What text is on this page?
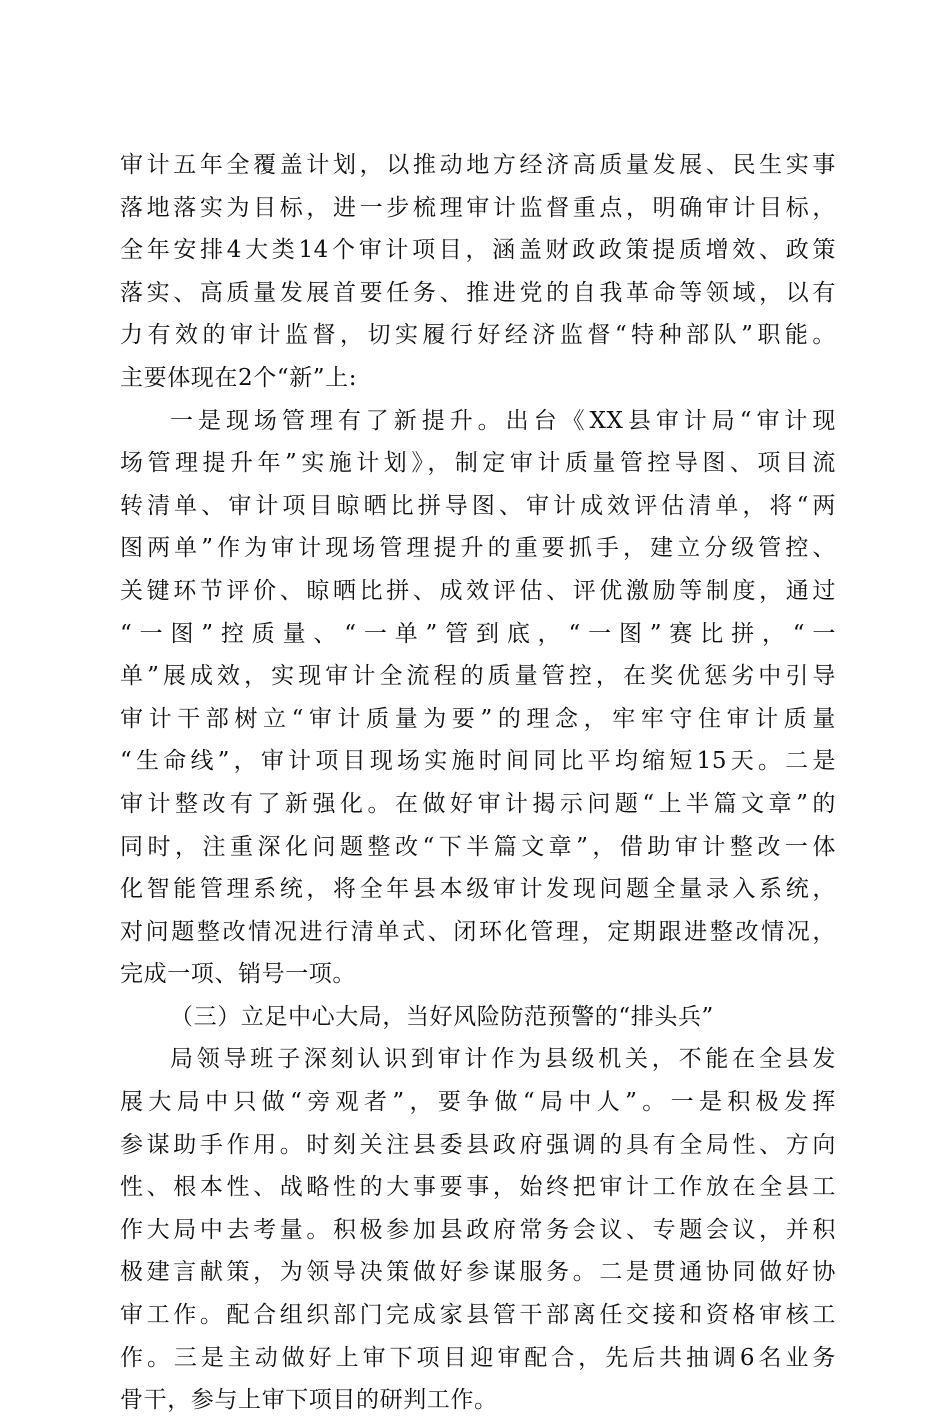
审计五年全覆盖计划，以推动地方经济高质量发展、民生实事
落地落实为目标，进一步梳理审计监督重点，明确审计目标，
全年安排4大类14个审计项目，涵盖财政政策提质增效、政策
落实、高质量发展首要任务、推进党的自我革命等领域，以有
力有效的审计监督，切实履行好经济监督“特种部队”职能。
主要体现在2个“新”上:
一是现场管理有了新提升。出台《XX县审计局“审计现
场管理提升年”实施计划》，制定审计质量管控导图、项目流
转清单、审计项目晾晒比拼导图、审计成效评估清单，将“两
图两单”作为审计现场管理提升的重要抓手，建立分级管控、
关键环节评价、晾晒比拼、成效评估、评优激励等制度，通过
“一图”控质量、“一单”管到底，“一图”赛比拼，“一
单”展成效，实现审计全流程的质量管控，在奖优惩劣中引导
审计干部树立“审计质量为要”的理念，牢牢守住审计质量
“生命线”，审计项目现场实施时间同比平均缩短15天。二是
审计整改有了新强化。在做好审计揭示问题“上半篇文章”的
同时，注重深化问题整改“下半篇文章”，借助审计整改一体
化智能管理系统，将全年县本级审计发现问题全量录入系统，
对问题整改情况进行清单式、闭环化管理，定期跟进整改情况，
完成一项、销号一项。
（三）立足中心大局，当好风险防范预警的“排头兵”
局领导班子深刻认识到审计作为县级机关，不能在全县发
展大局中只做“旁观者”，要争做“局中人”。一是积极发挥
参谋助手作用。时刻关注县委县政府强调的具有全局性、方向
性、根本性、战略性的大事要事，始终把审计工作放在全县工
作大局中去考量。积极参加县政府常务会议、专题会议，并积
极建言献策，为领导决策做好参谋服务。二是贯通协同做好协
审工作。配合组织部门完成家县管干部离任交接和资格审核工
作。三是主动做好上审下项目迎审配合，先后共抽调6名业务
骨干，参与上审下项目的研判工作。
